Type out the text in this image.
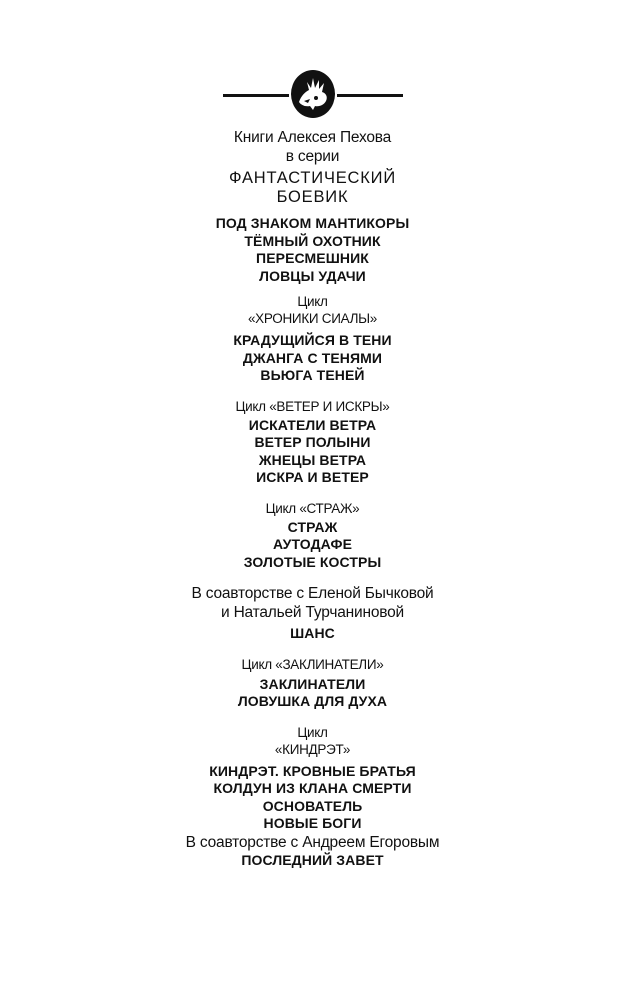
Книги Алексея Пехова
в серии
ФАНТАСТИЧЕСКИЙ
БОЕВИК
ПОД ЗНАКОМ МАНТИКОРЫ
ТЁМНЫЙ ОХОТНИК
ПЕРЕСМЕШНИК
ЛОВЦЫ УДАЧИ
Цикл
«ХРОНИКИ СИАЛЫ»
КРАДУЩИЙСЯ В ТЕНИ
ДЖАНГА С ТЕНЯМИ
ВЬЮГА ТЕНЕЙ
Цикл «ВЕТЕР И ИСКРЫ»
ИСКАТЕЛИ ВЕТРА
ВЕТЕР ПОЛЫНИ
ЖНЕЦЫ ВЕТРА
ИСКРА И ВЕТЕР
Цикл «СТРАЖ»
СТРАЖ
АУТОДАФЕ
ЗОЛОТЫЕ КОСТРЫ
В соавторстве с Еленой Бычковой
и Натальей Турчаниновой
ШАНС
Цикл «ЗАКЛИНАТЕЛИ»
ЗАКЛИНАТЕЛИ
ЛОВУШКА ДЛЯ ДУХА
Цикл
«КИНДРЭТ»
КИНДРЭТ. КРОВНЫЕ БРАТЬЯ
КОЛДУН ИЗ КЛАНА СМЕРТИ
ОСНОВАТЕЛЬ
НОВЫЕ БОГИ
В соавторстве с Андреем Егоровым
ПОСЛЕДНИЙ ЗАВЕТ
